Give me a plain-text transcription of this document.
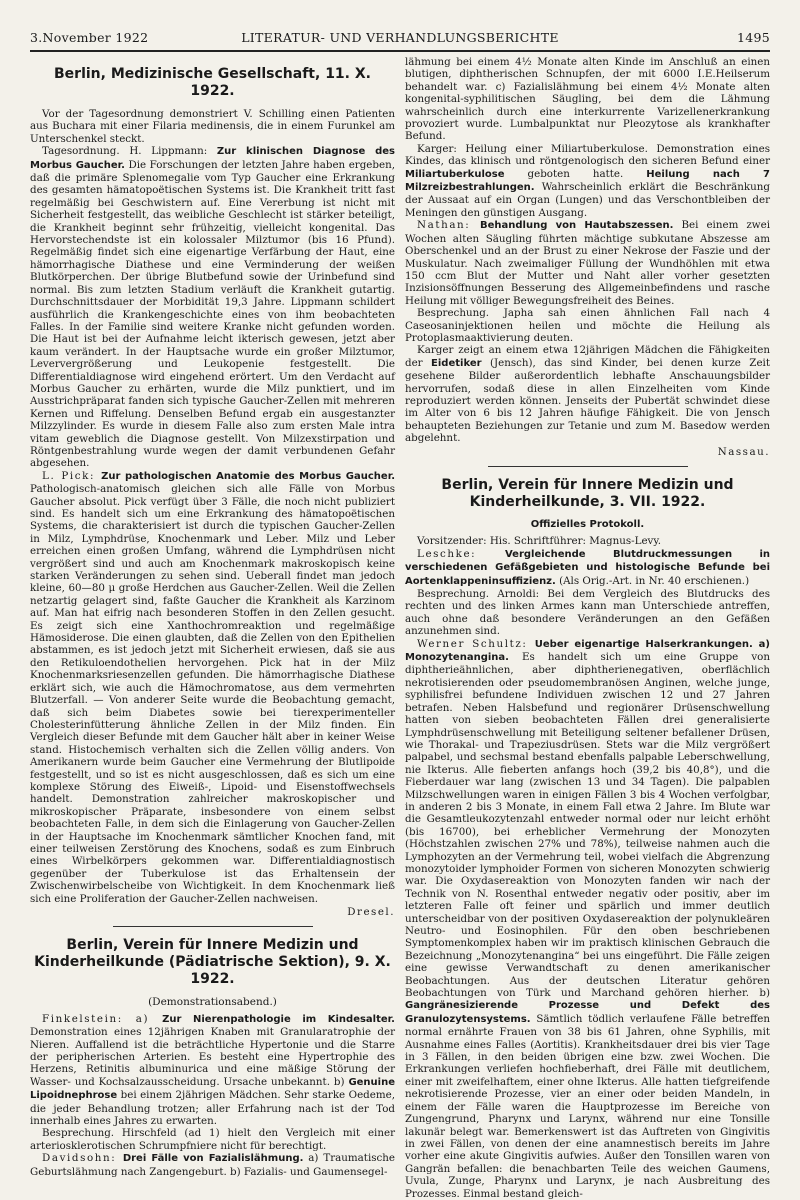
3.November 1922	LITERATUR- UND VERHANDLUNGSBERICHTE	1495
Berlin, Medizinische Gesellschaft, 11. X. 1922.

Vor der Tagesordnung demonstriert V. Schilling einen Patienten aus Buchara mit einer Filaria medinensis, die in einem Furunkel am Unterschenkel steckt.

Tagesordnung. H. Lippmann: Zur klinischen Diagnose des Morbus Gaucher. Die Forschungen der letzten Jahre haben ergeben, daß die primäre Splenomegalie vom Typ Gaucher eine Erkrankung des gesamten hämatopoëtischen Systems ist. Die Krankheit tritt fast regelmäßig bei Geschwistern auf. Eine Vererbung ist nicht mit Sicherheit festgestellt, das weibliche Geschlecht ist stärker beteiligt, die Krankheit beginnt sehr frühzeitig, vielleicht kongenital. Das Hervorstechendste ist ein kolossaler Milztumor (bis 16 Pfund). Regelmäßig findet sich eine eigenartige Verfärbung der Haut, eine hämorrhagische Diathese und eine Verminderung der weißen Blutkörperchen. Der übrige Blutbefund sowie der Urinbefund sind normal. Bis zum letzten Stadium verläuft die Krankheit gutartig. Durchschnittsdauer der Morbidität 19,3 Jahre. Lippmann schildert ausführlich die Krankengeschichte eines von ihm beobachteten Falles. In der Familie sind weitere Kranke nicht gefunden worden. Die Haut ist bei der Aufnahme leicht ikterisch gewesen, jetzt aber kaum verändert. In der Hauptsache wurde ein großer Milztumor, Leververgrößerung und Leukopenie festgestellt. Die Differentialdiagnose wird eingehend erörtert. Um den Verdacht auf Morbus Gaucher zu erhärten, wurde die Milz punktiert, und im Ausstrichpräparat fanden sich typische Gaucher-Zellen mit mehreren Kernen und Riffelung. Denselben Befund ergab ein ausgestanzter Milzzylinder. Es wurde in diesem Falle also zum ersten Male intra vitam geweblich die Diagnose gestellt. Von Milzexstirpation und Röntgenbestrahlung wurde wegen der damit verbundenen Gefahr abgesehen.

L. Pick: Zur pathologischen Anatomie des Morbus Gaucher. Pathologisch-anatomisch gleichen sich alle Fälle von Morbus Gaucher absolut. Pick verfügt über 3 Fälle, die noch nicht publiziert sind. Es handelt sich um eine Erkrankung des hämatopoëtischen Systems, die charakterisiert ist durch die typischen Gaucher-Zellen in Milz, Lymphdrüse, Knochenmark und Leber. Milz und Leber erreichen einen großen Umfang, während die Lymphdrüsen nicht vergrößert sind und auch am Knochenmark makroskopisch keine starken Veränderungen zu sehen sind. Ueberall findet man jedoch kleine, 60—80 μ große Herdchen aus Gaucher-Zellen. Weil die Zellen netzartig gelagert sind, faßte Gaucher die Krankheit als Karzinom auf. Man hat eifrig nach besonderen Stoffen in den Zellen gesucht. Es zeigt sich eine Xanthochromreaktion und regelmäßige Hämosiderose. Die einen glaubten, daß die Zellen von den Epithelien abstammen, es ist jedoch jetzt mit Sicherheit erwiesen, daß sie aus den Retikuloendothelien hervorgehen. Pick hat in der Milz Knochenmarksriesenzellen gefunden. Die hämorrhagische Diathese erklärt sich, wie auch die Hämochromatose, aus dem vermehrten Blutzerfall. — Von anderer Seite wurde die Beobachtung gemacht, daß sich beim Diabetes sowie bei tierexperimenteller Cholesterinfütterung ähnliche Zellen in der Milz finden. Ein Vergleich dieser Befunde mit dem Gaucher hält aber in keiner Weise stand. Histochemisch verhalten sich die Zellen völlig anders. Von Amerikanern wurde beim Gaucher eine Vermehrung der Blutlipoide festgestellt, und so ist es nicht ausgeschlossen, daß es sich um eine komplexe Störung des Eiweiß-, Lipoid- und Eisenstoffwechsels handelt. Demonstration zahlreicher makroskopischer und mikroskopischer Präparate, insbesondere von einem selbst beobachteten Falle, in dem sich die Einlagerung von Gaucher-Zellen in der Hauptsache im Knochenmark sämtlicher Knochen fand, mit einer teilweisen Zerstörung des Knochens, sodaß es zum Einbruch eines Wirbelkörpers gekommen war. Differentialdiagnostisch gegenüber der Tuberkulose ist das Erhaltensein der Zwischenwirbelscheibe von Wichtigkeit. In dem Knochenmark ließ sich eine Proliferation der Gaucher-Zellen nachweisen.

Dresel.
Berlin, Verein für Innere Medizin und Kinderheilkunde (Pädiatrische Sektion), 9. X. 1922.
(Demonstrationsabend.)

Finkelstein: a) Zur Nierenpathologie im Kindesalter. Demonstration eines 12jährigen Knaben mit Granularatrophie der Nieren. Auffallend ist die beträchtliche Hypertonie und die Starre der peripherischen Arterien. Es besteht eine Hypertrophie des Herzens, Retinitis albuminurica und eine mäßige Störung der Wasser- und Kochsalzausscheidung. Ursache unbekannt. b) Genuine Lipoidnephrose bei einem 2jährigen Mädchen. Sehr starke Oedeme, die jeder Behandlung trotzen; aller Erfahrung nach ist der Tod innerhalb eines Jahres zu erwarten.

Besprechung. Hirschfeld (ad 1) hielt den Vergleich mit einer arteriosklerotischen Schrumpfniere nicht für berechtigt.

Davidsohn: Drei Fälle von Fazialislähmung. a) Traumatische Geburtslähmung nach Zangengeburt. b) Fazialis- und Gaumensegel-

lähmung bei einem 4½ Monate alten Kinde im Anschluß an einen blutigen, diphtherischen Schnupfen, der mit 6000 I.E.Heilserum behandelt war. c) Fazialislähmung bei einem 4½ Monate alten kongenital-syphilitischen Säugling, bei dem die Lähmung wahrscheinlich durch eine interkurrente Varizellenerkrankung provoziert wurde. Lumbalpunktat nur Pleozytose als krankhafter Befund.

Karger: Heilung einer Miliartuberkulose. Demonstration eines Kindes, das klinisch und röntgenologisch den sicheren Befund einer Miliartuberkulose geboten hatte. Heilung nach 7 Milzreizbestrahlungen. Wahrscheinlich erklärt die Beschränkung der Aussaat auf ein Organ (Lungen) und das Verschontbleiben der Meningen den günstigen Ausgang.

Nathan: Behandlung von Hautabszessen. Bei einem zwei Wochen alten Säugling führten mächtige subkutane Abszesse am Oberschenkel und an der Brust zu einer Nekrose der Faszie und der Muskulatur. Nach zweimaliger Füllung der Wundhöhlen mit etwa 150 ccm Blut der Mutter und Naht aller vorher gesetzten Inzisionsöffnungen Besserung des Allgemeinbefindens und rasche Heilung mit völliger Bewegungsfreiheit des Beines.

Besprechung. Japha sah einen ähnlichen Fall nach 4 Caseosaninjektionen heilen und möchte die Heilung als Protoplasmaaktivierung deuten.

Karger zeigt an einem etwa 12jährigen Mädchen die Fähigkeiten der Eidetiker (Jensch), das sind Kinder, bei denen kurze Zeit gesehene Bilder außerordentlich lebhafte Anschauungsbilder hervorrufen, sodaß diese in allen Einzelheiten vom Kinde reproduziert werden können. Jenseits der Pubertät schwindet diese im Alter von 6 bis 12 Jahren häufige Fähigkeit. Die von Jensch behaupteten Beziehungen zur Tetanie und zum M. Basedow werden abgelehnt.

Nassau.
Berlin, Verein für Innere Medizin und Kinderheilkunde, 3. VII. 1922.
Offizielles Protokoll.

Vorsitzender: His. Schriftführer: Magnus-Levy.

Leschke: Vergleichende Blutdruckmessungen in verschiedenen Gefäßgebieten und histologische Befunde bei Aortenklappeninsuffizienz. (Als Orig.-Art. in Nr. 40 erschienen.)

Besprechung. Arnoldi: Bei dem Vergleich des Blutdrucks des rechten und des linken Armes kann man Unterschiede antreffen, auch ohne daß besondere Veränderungen an den Gefäßen anzunehmen sind.

Werner Schultz: Ueber eigenartige Halserkrankungen. a) Monozytenangina. Es handelt sich um eine Gruppe von diphtherieähnlichen, aber diphtherienegativen, oberflächlich nekrotisierenden oder pseudomembranösen Anginen, welche junge, syphilisfrei befundene Individuen zwischen 12 und 27 Jahren betrafen. Neben Halsbefund und regionärer Drüsenschwellung hatten von sieben beobachteten Fällen drei generalisierte Lymphdrüsenschwellung mit Beteiligung seltener befallener Drüsen, wie Thorakal- und Trapeziusdrüsen. Stets war die Milz vergrößert palpabel, und sechsmal bestand ebenfalls palpable Leberschwellung, nie Ikterus. Alle fieberten anfangs hoch (39,2 bis 40,8°), und die Fieberdauer war lang (zwischen 13 und 34 Tagen). Die palpablen Milzschwellungen waren in einigen Fällen 3 bis 4 Wochen verfolgbar, in anderen 2 bis 3 Monate, in einem Fall etwa 2 Jahre. Im Blute war die Gesamtleukozytenzahl entweder normal oder nur leicht erhöht (bis 16700), bei erheblicher Vermehrung der Monozyten (Höchstzahlen zwischen 27% und 78%), teilweise nahmen auch die Lymphozyten an der Vermehrung teil, wobei vielfach die Abgrenzung monozytoider lymphoider Formen von sicheren Monozyten schwierig war. Die Oxydasereaktion von Monozyten fanden wir nach der Technik von N. Rosenthal entweder negativ oder positiv, aber im letzteren Falle oft feiner und spärlich und immer deutlich unterscheidbar von der positiven Oxydasereaktion der polynukleären Neutro- und Eosinophilen. Für den oben beschriebenen Symptomenkomplex haben wir im praktisch klinischen Gebrauch die Bezeichnung „Monozytenangina“ bei uns eingeführt. Die Fälle zeigen eine gewisse Verwandtschaft zu denen amerikanischer Beobachtungen. Aus der deutschen Literatur gehören Beobachtungen von Türk und Marchand gehören hierher. b) Gangränesizierende Prozesse und Defekt des Granulozytensystems. Sämtlich tödlich verlaufene Fälle betreffen normal ernährte Frauen von 38 bis 61 Jahren, ohne Syphilis, mit Ausnahme eines Falles (Aortitis). Krankheitsdauer drei bis vier Tage in 3 Fällen, in den beiden übrigen eine bzw. zwei Wochen. Die Erkrankungen verliefen hochfieberhaft, drei Fälle mit deutlichem, einer mit zweifelhaftem, einer ohne Ikterus. Alle hatten tiefgreifende nekrotisierende Prozesse, vier an einer oder beiden Mandeln, in einem der Fälle waren die Hauptprozesse im Bereiche von Zungengrund, Pharynx und Larynx, während nur eine Tonsille lakunär belegt war. Bemerkenswert ist das Auftreten von Gingivitis in zwei Fällen, von denen der eine anamnestisch bereits im Jahre vorher eine akute Gingivitis aufwies. Außer den Tonsillen waren von Gangrän befallen: die benachbarten Teile des weichen Gaumens, Uvula, Zunge, Pharynx und Larynx, je nach Ausbreitung des Prozesses. Einmal bestand gleich-
